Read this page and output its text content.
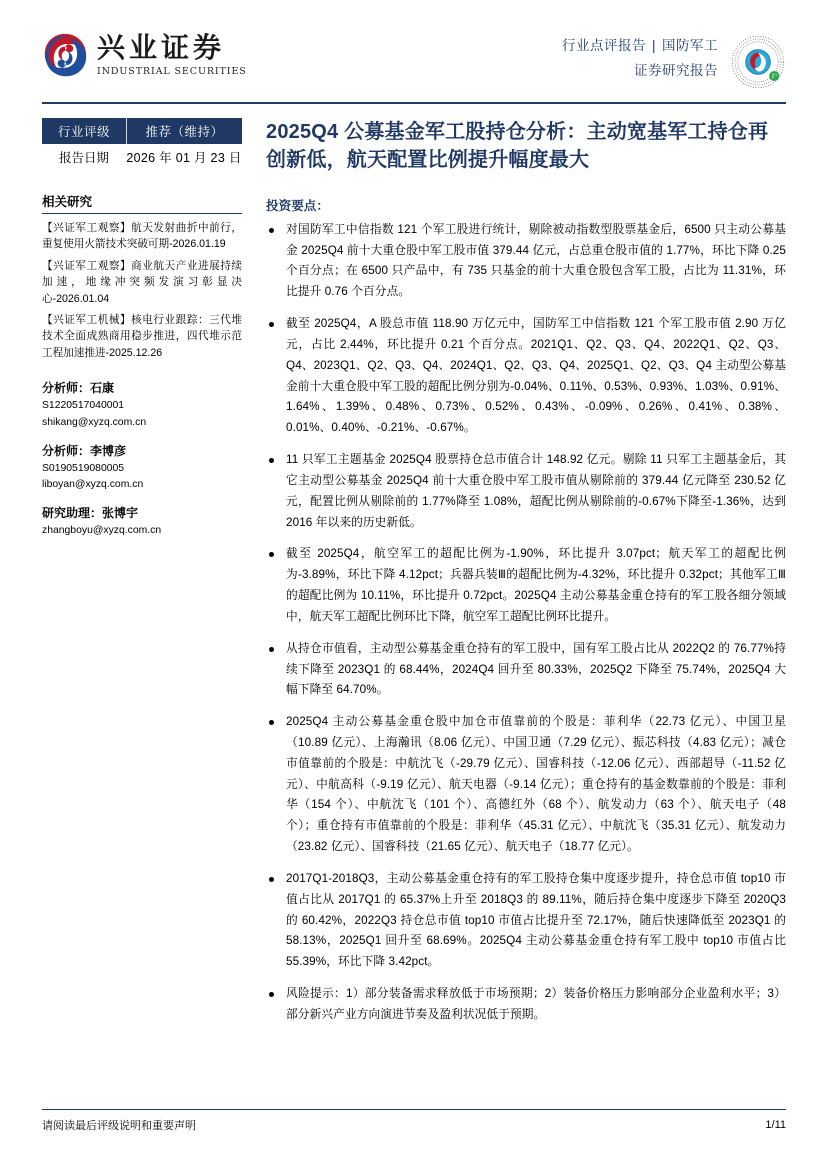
兴业证券
INDUSTRIAL SECURITIES
行业点评报告 | 国防军工
证券研究报告	沪
行业评级	推荐（维持）
报告日期	2026 年 01 月 23 日
相关研究
【兴证军工观察】航天发射曲折中前行，重复使用火箭技术突破可期-2026.01.19
【兴证军工观察】商业航天产业进展持续加速，地缘冲突频发演习彰显决心-2026.01.04
【兴证军工机械】核电行业跟踪：三代堆技术全面成熟商用稳步推进，四代堆示范工程加速推进-2025.12.26
分析师：石康
S1220517040001
shikang@xyzq.com.cn
分析师：李博彦
S0190519080005
liboyan@xyzq.com.cn
研究助理：张博宇
zhangboyu@xyzq.com.cn
2025Q4 公募基金军工股持仓分析：主动宽基军工持仓再创新低，航天配置比例提升幅度最大
投资要点：
对国防军工中信指数 121 个军工股进行统计，剔除被动指数型股票基金后，6500 只主动公募基金 2025Q4 前十大重仓股中军工股市值 379.44 亿元，占总重仓股市值的 1.77%，环比下降 0.25 个百分点；在 6500 只产品中，有 735 只基金的前十大重仓股包含军工股，占比为 11.31%，环比提升 0.76 个百分点。
截至 2025Q4，A 股总市值 118.90 万亿元中，国防军工中信指数 121 个军工股市值 2.90 万亿元，占比 2.44%，环比提升 0.21 个百分点。2021Q1、Q2、Q3、Q4、2022Q1、Q2、Q3、Q4、2023Q1、Q2、Q3、Q4、2024Q1、Q2、Q3、Q4、2025Q1、Q2、Q3、Q4 主动型公募基金前十大重仓股中军工股的超配比例分别为-0.04%、0.11%、0.53%、0.93%、1.03%、0.91%、1.64%、1.39%、0.48%、0.73%、0.52%、0.43%、-0.09%、0.26%、0.41%、0.38%、0.01%、0.40%、-0.21%、-0.67%。
11 只军工主题基金 2025Q4 股票持仓总市值合计 148.92 亿元。剔除 11 只军工主题基金后，其它主动型公募基金 2025Q4 前十大重仓股中军工股市值从剔除前的 379.44 亿元降至 230.52 亿元，配置比例从剔除前的 1.77%降至 1.08%，超配比例从剔除前的-0.67%下降至-1.36%，达到 2016 年以来的历史新低。
截至 2025Q4，航空军工的超配比例为-1.90%，环比提升 3.07pct；航天军工的超配比例为-3.89%，环比下降 4.12pct；兵器兵装Ⅲ的超配比例为-4.32%，环比提升 0.32pct；其他军工Ⅲ的超配比例为 10.11%，环比提升 0.72pct。2025Q4 主动公募基金重仓持有的军工股各细分领域中，航天军工超配比例环比下降，航空军工超配比例环比提升。
从持仓市值看，主动型公募基金重仓持有的军工股中，国有军工股占比从 2022Q2 的 76.77%持续下降至 2023Q1 的 68.44%，2024Q4 回升至 80.33%，2025Q2 下降至 75.74%，2025Q4 大幅下降至 64.70%。
2025Q4 主动公募基金重仓股中加仓市值靠前的个股是：菲利华（22.73 亿元）、中国卫星（10.89 亿元）、上海瀚讯（8.06 亿元）、中国卫通（7.29 亿元）、振芯科技（4.83 亿元）；减仓市值靠前的个股是：中航沈飞（-29.79 亿元）、国睿科技（-12.06 亿元）、西部超导（-11.52 亿元）、中航高科（-9.19 亿元）、航天电器（-9.14 亿元）；重仓持有的基金数靠前的个股是：菲利华（154 个）、中航沈飞（101 个）、高德红外（68 个）、航发动力（63 个）、航天电子（48 个）；重仓持有市值靠前的个股是：菲利华（45.31 亿元）、中航沈飞（35.31 亿元）、航发动力（23.82 亿元）、国睿科技（21.65 亿元）、航天电子（18.77 亿元）。
2017Q1-2018Q3，主动公募基金重仓持有的军工股持仓集中度逐步提升，持仓总市值 top10 市值占比从 2017Q1 的 65.37%上升至 2018Q3 的 89.11%，随后持仓集中度逐步下降至 2020Q3 的 60.42%，2022Q3 持仓总市值 top10 市值占比提升至 72.17%，随后快速降低至 2023Q1 的 58.13%，2025Q1 回升至 68.69%。2025Q4 主动公募基金重仓持有军工股中 top10 市值占比 55.39%，环比下降 3.42pct。
风险提示：1）部分装备需求释放低于市场预期；2）装备价格压力影响部分企业盈利水平；3）部分新兴产业方向演进节奏及盈利状况低于预期。
请阅读最后评级说明和重要声明	1/11
